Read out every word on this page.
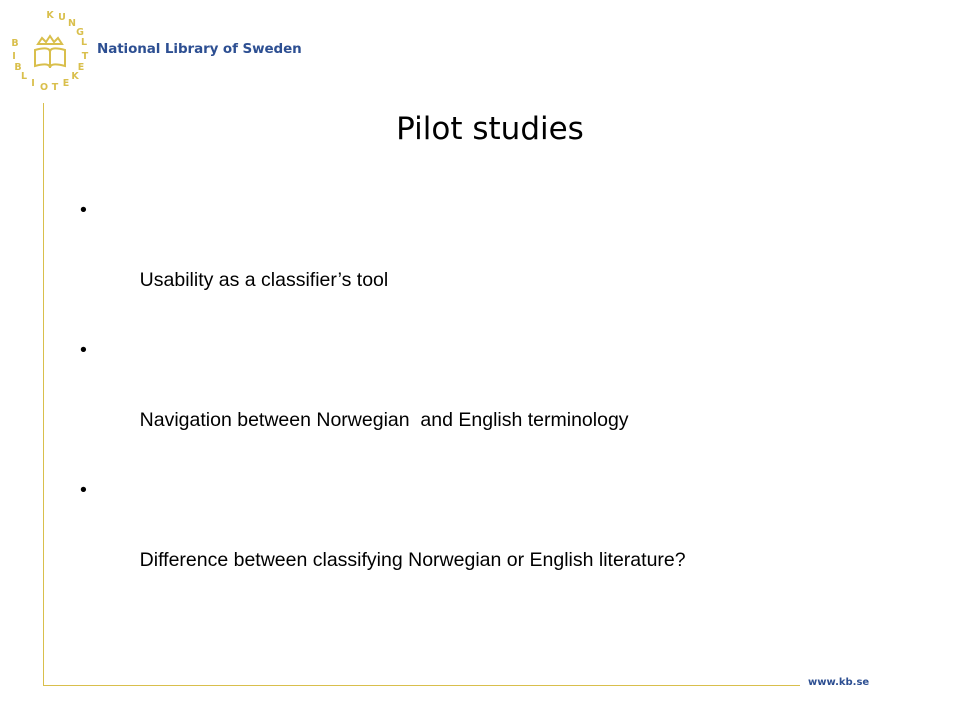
K U
N
G
L
T
E
K
E
T
O
I
L
B
I
B	National Library of Sweden
www.kb.se
Pilot studies

•

Usability as a classifier’s tool

•

Navigation between Norwegian  and English terminology

•

Difference between classifying Norwegian or English literature?
